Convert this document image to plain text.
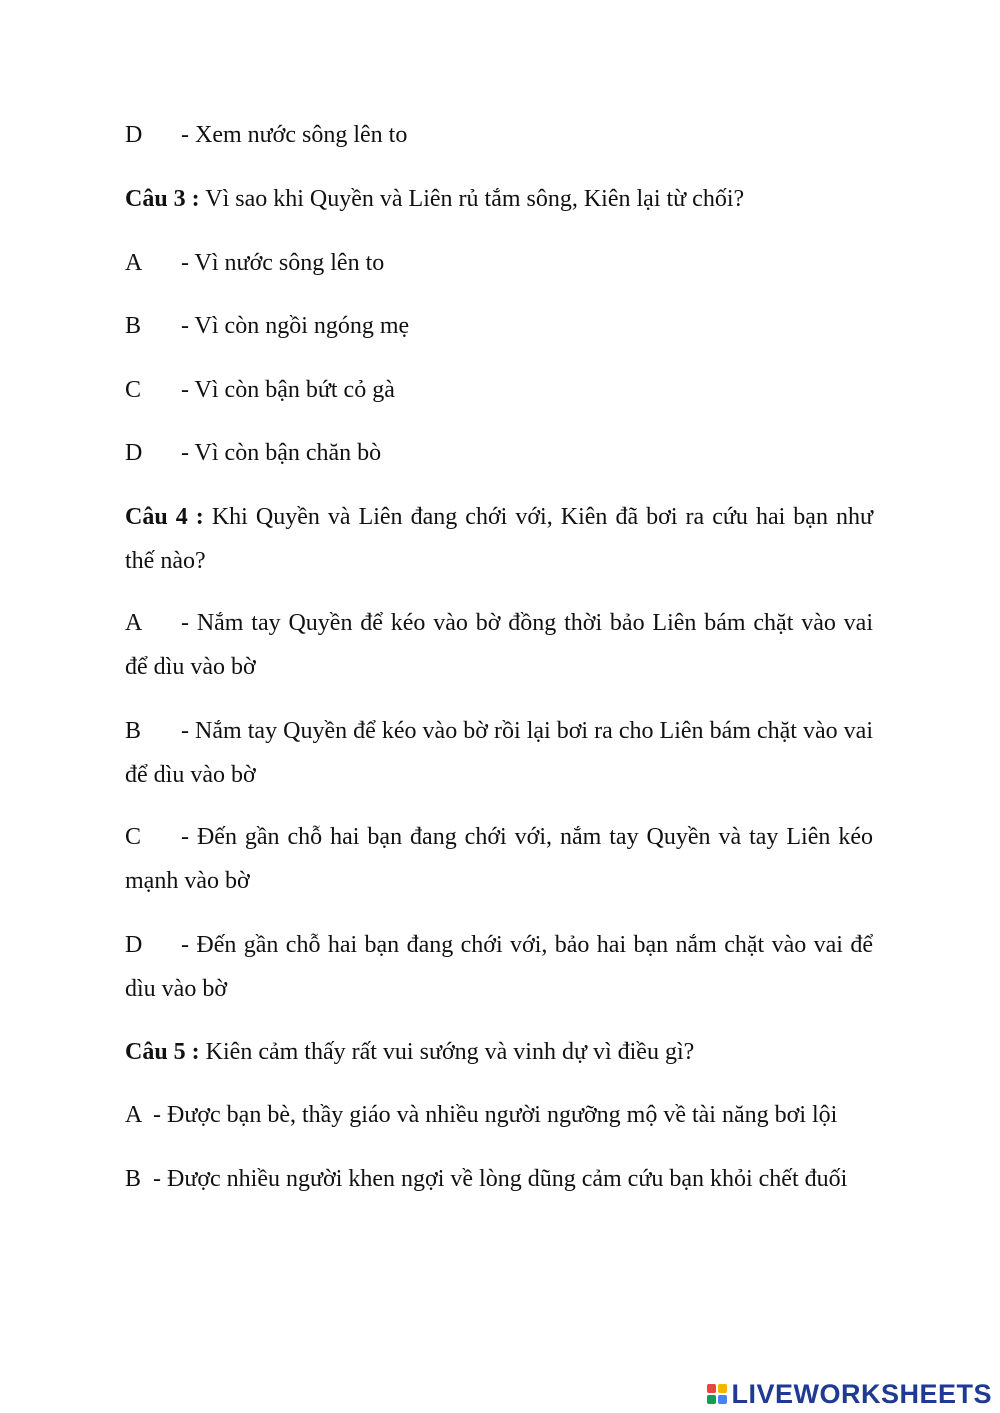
D	- Xem nước sông lên to
Câu 3 : Vì sao khi Quyền và Liên rủ tắm sông, Kiên lại từ chối?
A	- Vì nước sông lên to
B	- Vì còn ngồi ngóng mẹ
C	- Vì còn bận bứt cỏ gà
D	- Vì còn bận chăn bò
Câu 4 : Khi Quyền và Liên đang chới với, Kiên đã bơi ra cứu hai bạn như thế nào?
A - Nắm tay Quyền để kéo vào bờ đồng thời bảo Liên bám chặt vào vai để dìu vào bờ
B - Nắm tay Quyền để kéo vào bờ rồi lại bơi ra cho Liên bám chặt vào vai để dìu vào bờ
C - Đến gần chỗ hai bạn đang chới với, nắm tay Quyền và tay Liên kéo mạnh vào bờ
D - Đến gần chỗ hai bạn đang chới với, bảo hai bạn nắm chặt vào vai để dìu vào bờ
Câu 5 : Kiên cảm thấy rất vui sướng và vinh dự vì điều gì?
A - Được bạn bè, thầy giáo và nhiều người ngưỡng mộ về tài năng bơi lội
B - Được nhiều người khen ngợi về lòng dũng cảm cứu bạn khỏi chết đuối
LIVEWORKSHEETS
